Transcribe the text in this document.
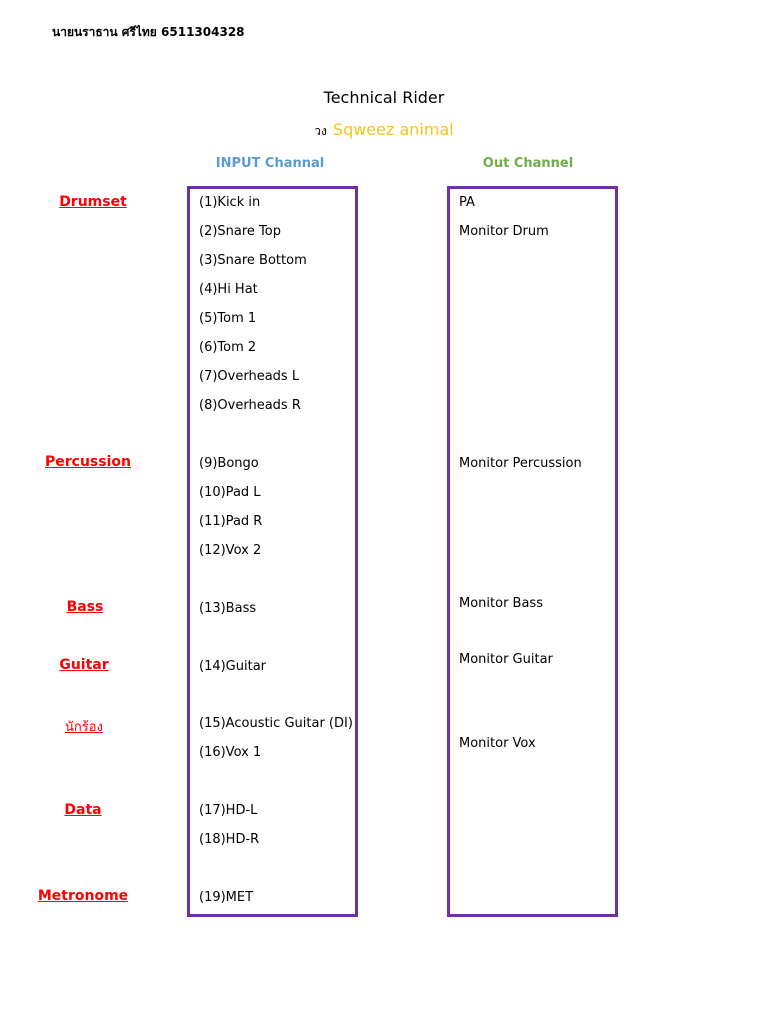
นายนราธาน ศรีไทย 6511304328
Technical Rider
วง Sqweez animal
INPUT Channal	Out Channel
Drumset
Percussion
Bass
Guitar
นักร้อง
Data
Metronome
(1)Kick in
(2)Snare Top
(3)Snare Bottom
(4)Hi Hat
(5)Tom 1
(6)Tom 2
(7)Overheads L
(8)Overheads R
(9)Bongo
(10)Pad L
(11)Pad R
(12)Vox 2
(13)Bass
(14)Guitar
(15)Acoustic Guitar (DI)
(16)Vox 1
(17)HD-L
(18)HD-R
(19)MET
PA
Monitor Drum
Monitor Percussion
Monitor Bass
Monitor Guitar
Monitor Vox
